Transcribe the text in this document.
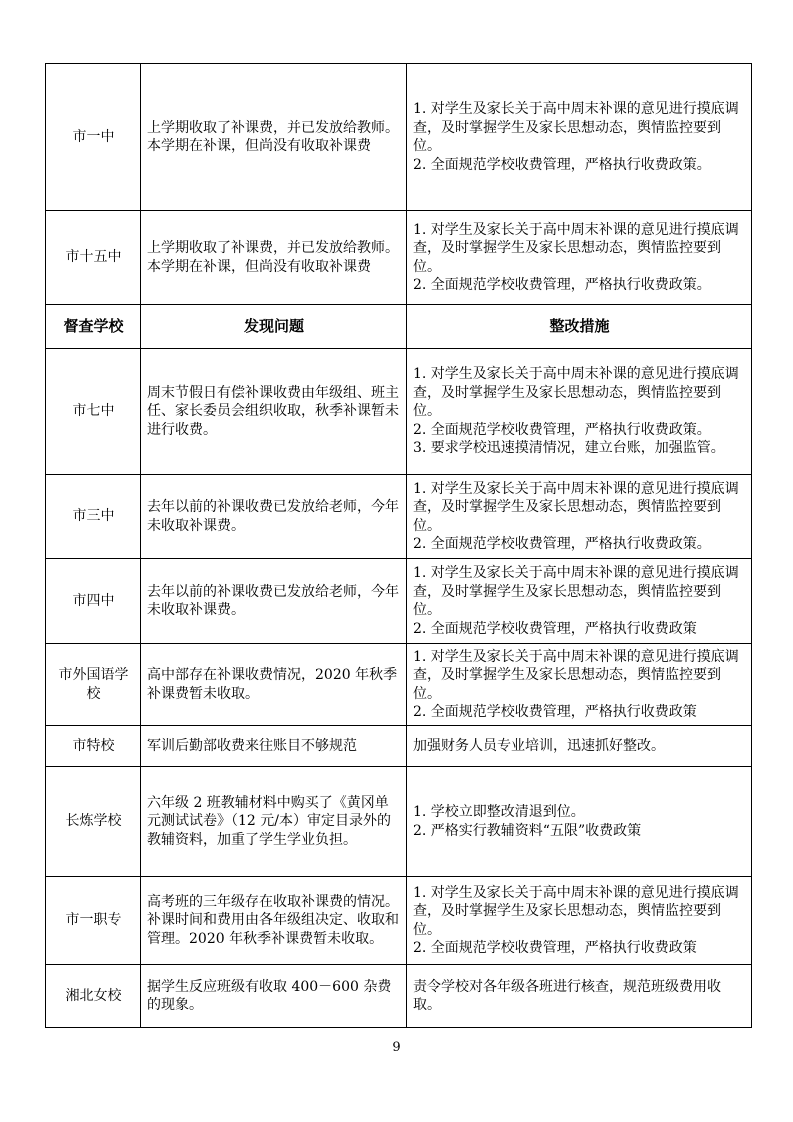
市一中	上学期收取了补课费，并已发放给教师。本学期在补课，但尚没有收取补课费	1. 对学生及家长关于高中周末补课的意见进行摸底调查，及时掌握学生及家长思想动态，舆情监控要到位。
2. 全面规范学校收费管理，严格执行收费政策。

市十五中	上学期收取了补课费，并已发放给教师。本学期在补课，但尚没有收取补课费	1. 对学生及家长关于高中周末补课的意见进行摸底调查，及时掌握学生及家长思想动态，舆情监控要到位。
2. 全面规范学校收费管理，严格执行收费政策。

督查学校	发现问题	整改措施

市七中	周末节假日有偿补课收费由年级组、班主任、家长委员会组织收取，秋季补课暂未进行收费。	1. 对学生及家长关于高中周末补课的意见进行摸底调查，及时掌握学生及家长思想动态，舆情监控要到位。
2. 全面规范学校收费管理，严格执行收费政策。
3. 要求学校迅速摸清情况，建立台账，加强监管。

市三中	去年以前的补课收费已发放给老师，今年未收取补课费。	1. 对学生及家长关于高中周末补课的意见进行摸底调查，及时掌握学生及家长思想动态，舆情监控要到位。
2. 全面规范学校收费管理，严格执行收费政策。

市四中	去年以前的补课收费已发放给老师，今年未收取补课费。	1. 对学生及家长关于高中周末补课的意见进行摸底调查，及时掌握学生及家长思想动态，舆情监控要到位。
2. 全面规范学校收费管理，严格执行收费政策

市外国语学校	高中部存在补课收费情况，2020 年秋季补课费暂未收取。	1. 对学生及家长关于高中周末补课的意见进行摸底调查，及时掌握学生及家长思想动态，舆情监控要到位。
2. 全面规范学校收费管理，严格执行收费政策

市特校	军训后勤部收费来往账目不够规范	加强财务人员专业培训，迅速抓好整改。

长炼学校	六年级 2 班教辅材料中购买了《黄冈单元测试试卷》（12 元/本）审定目录外的教辅资料，加重了学生学业负担。	1. 学校立即整改清退到位。
2. 严格实行教辅资料“五限”收费政策

市一职专	高考班的三年级存在收取补课费的情况。补课时间和费用由各年级组决定、收取和管理。2020 年秋季补课费暂未收取。	1. 对学生及家长关于高中周末补课的意见进行摸底调查，及时掌握学生及家长思想动态，舆情监控要到位。
2. 全面规范学校收费管理，严格执行收费政策

湘北女校	据学生反应班级有收取 400－600 杂费的现象。	责令学校对各年级各班进行核查，规范班级费用收取。
9
